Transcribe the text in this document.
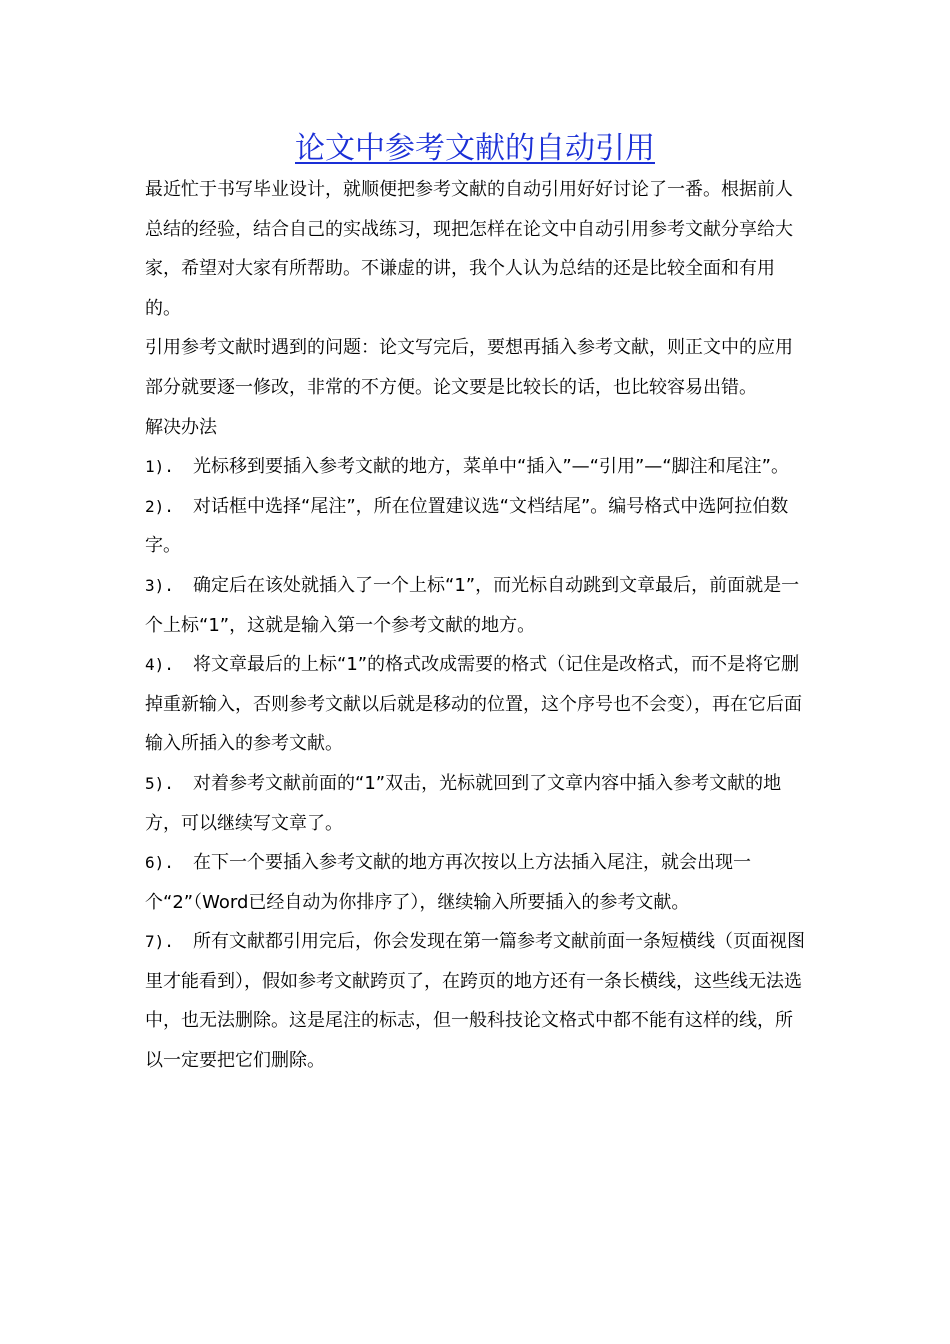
论文中参考文献的自动引用

最近忙于书写毕业设计，就顺便把参考文献的自动引用好好讨论了一番。根据前人总结的经验，结合自己的实战练习，现把怎样在论文中自动引用参考文献分享给大家，希望对大家有所帮助。不谦虚的讲，我个人认为总结的还是比较全面和有用的。

引用参考文献时遇到的问题：论文写完后，要想再插入参考文献，则正文中的应用部分就要逐一修改，非常的不方便。论文要是比较长的话，也比较容易出错。

解决办法

1). 光标移到要插入参考文献的地方，菜单中“插入”—“引用”—“脚注和尾注”。

2). 对话框中选择“尾注”，所在位置建议选“文档结尾”。编号格式中选阿拉伯数字。

3). 确定后在该处就插入了一个上标“1”，而光标自动跳到文章最后，前面就是一个上标“1”，这就是输入第一个参考文献的地方。

4). 将文章最后的上标“1”的格式改成需要的格式（记住是改格式，而不是将它删掉重新输入，否则参考文献以后就是移动的位置，这个序号也不会变），再在它后面输入所插入的参考文献。

5). 对着参考文献前面的“1”双击，光标就回到了文章内容中插入参考文献的地方，可以继续写文章了。

6). 在下一个要插入参考文献的地方再次按以上方法插入尾注，就会出现一个“2”（Word已经自动为你排序了），继续输入所要插入的参考文献。

7). 所有文献都引用完后，你会发现在第一篇参考文献前面一条短横线（页面视图里才能看到），假如参考文献跨页了，在跨页的地方还有一条长横线，这些线无法选中，也无法删除。这是尾注的标志，但一般科技论文格式中都不能有这样的线，所以一定要把它们删除。
